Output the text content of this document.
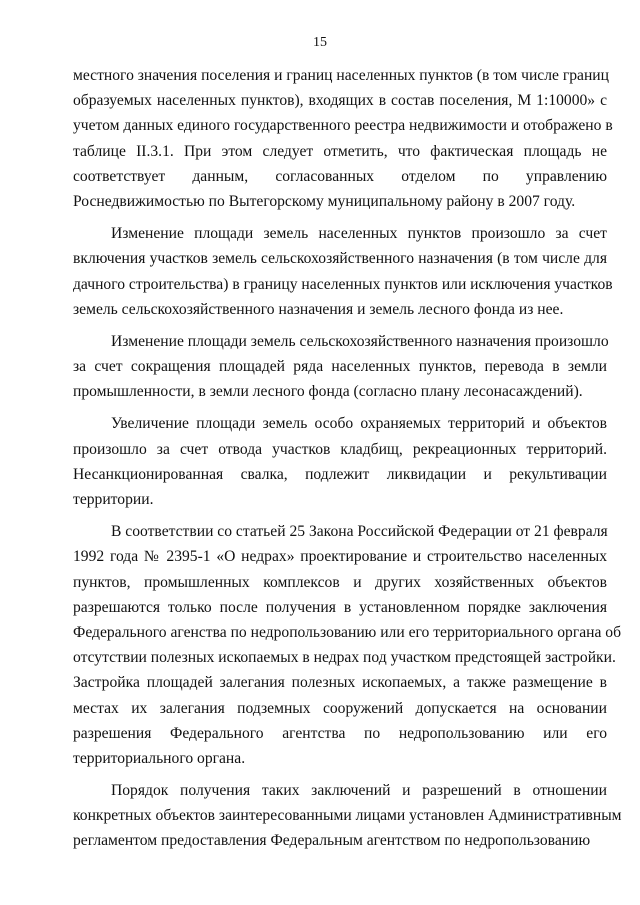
15
местного значения поселения и границ населенных пунктов (в том числе границ
образуемых населенных пунктов), входящих в состав поселения, М 1:10000» с
учетом данных единого государственного реестра недвижимости и отображено в
таблице II.3.1. При этом следует отметить, что фактическая площадь не
соответствует данным, согласованных отделом по управлению
Роснедвижимостью по Вытегорскому муниципальному району в 2007 году.
Изменение площади земель населенных пунктов произошло за счет
включения участков земель сельскохозяйственного назначения (в том числе для
дачного строительства) в границу населенных пунктов или исключения участков
земель сельскохозяйственного назначения и земель лесного фонда из нее.
Изменение площади земель сельскохозяйственного назначения произошло
за счет сокращения площадей ряда населенных пунктов, перевода в земли
промышленности, в земли лесного фонда (согласно плану лесонасаждений).
Увеличение площади земель особо охраняемых территорий и объектов
произошло за счет отвода участков кладбищ, рекреационных территорий.
Несанкционированная свалка, подлежит ликвидации и рекультивации
территории.
В соответствии со статьей 25 Закона Российской Федерации от 21 февраля
1992 года № 2395-1 «О недрах» проектирование и строительство населенных
пунктов, промышленных комплексов и других хозяйственных объектов
разрешаются только после получения в установленном порядке заключения
Федерального агенства по недропользованию или его территориального органа об
отсутствии полезных ископаемых в недрах под участком предстоящей застройки.
Застройка площадей залегания полезных ископаемых, а также размещение в
местах их залегания подземных сооружений допускается на основании
разрешения Федерального агентства по недропользованию или его
территориального органа.
Порядок получения таких заключений и разрешений в отношении
конкретных объектов заинтересованными лицами установлен Административным
регламентом предоставления Федеральным агентством по недропользованию
